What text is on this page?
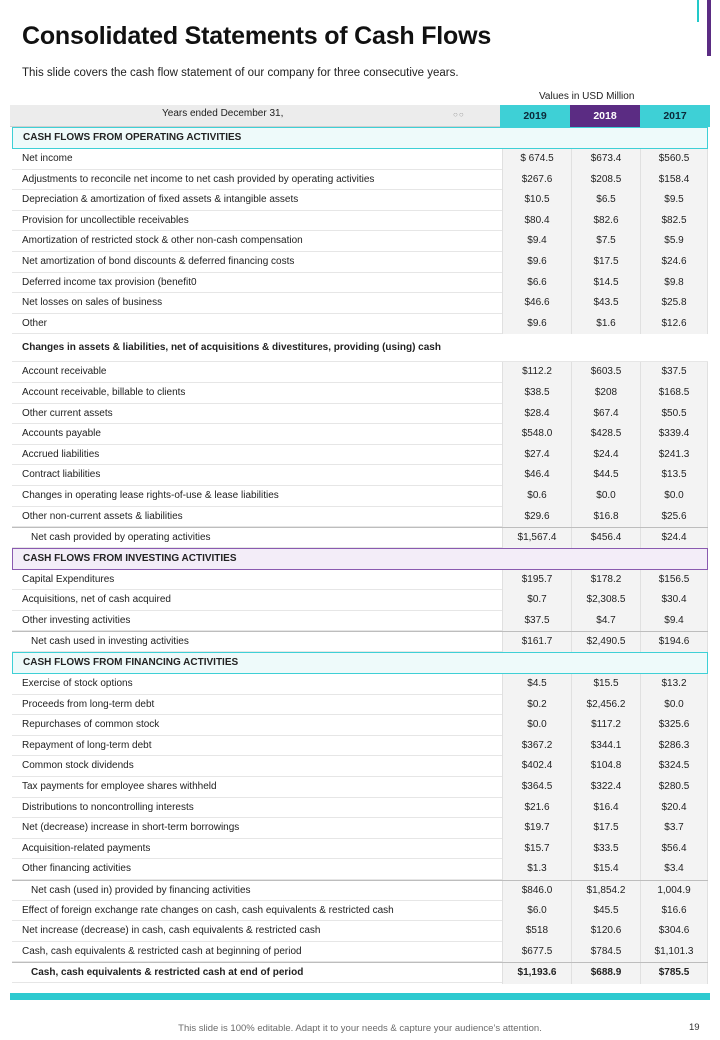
Consolidated Statements of Cash Flows

This slide covers the cash flow statement of our company for three consecutive years.

Values in USD Million
Years ended December 31,	○○	2019	2018	2017
CASH FLOWS FROM OPERATING ACTIVITIES
Net income	$ 674.5	$673.4	$560.5
Adjustments to reconcile net income to net cash provided by operating activities	$267.6	$208.5	$158.4
Depreciation & amortization of fixed assets & intangible assets	$10.5	$6.5	$9.5
Provision for uncollectible receivables	$80.4	$82.6	$82.5
Amortization of restricted stock & other non-cash compensation	$9.4	$7.5	$5.9
Net amortization of bond discounts & deferred financing costs	$9.6	$17.5	$24.6
Deferred income tax provision (benefit0	$6.6	$14.5	$9.8
Net losses on sales of business	$46.6	$43.5	$25.8
Other	$9.6	$1.6	$12.6
Changes in assets & liabilities, net of acquisitions & divestitures, providing (using) cash
Account receivable	$112.2	$603.5	$37.5
Account receivable, billable to clients	$38.5	$208	$168.5
Other current assets	$28.4	$67.4	$50.5
Accounts payable	$548.0	$428.5	$339.4
Accrued liabilities	$27.4	$24.4	$241.3
Contract liabilities	$46.4	$44.5	$13.5
Changes in operating lease rights-of-use & lease liabilities	$0.6	$0.0	$0.0
Other non-current assets & liabilities	$29.6	$16.8	$25.6
Net cash provided by operating activities	$1,567.4	$456.4	$24.4
CASH FLOWS FROM INVESTING ACTIVITIES
Capital Expenditures	$195.7	$178.2	$156.5
Acquisitions, net of cash acquired	$0.7	$2,308.5	$30.4
Other investing activities	$37.5	$4.7	$9.4
Net cash used in investing activities	$161.7	$2,490.5	$194.6
CASH FLOWS FROM FINANCING ACTIVITIES
Exercise of stock options	$4.5	$15.5	$13.2
Proceeds from long-term debt	$0.2	$2,456.2	$0.0
Repurchases of common stock	$0.0	$117.2	$325.6
Repayment of long-term debt	$367.2	$344.1	$286.3
Common stock dividends	$402.4	$104.8	$324.5
Tax payments for employee shares withheld	$364.5	$322.4	$280.5
Distributions to noncontrolling interests	$21.6	$16.4	$20.4
Net (decrease) increase in short-term borrowings	$19.7	$17.5	$3.7
Acquisition-related payments	$15.7	$33.5	$56.4
Other financing activities	$1.3	$15.4	$3.4
Net cash (used in) provided by financing activities	$846.0	$1,854.2	1,004.9
Effect of foreign exchange rate changes on cash, cash equivalents & restricted cash	$6.0	$45.5	$16.6
Net increase (decrease) in cash, cash equivalents & restricted cash	$518	$120.6	$304.6
Cash, cash equivalents & restricted cash at beginning of period	$677.5	$784.5	$1,101.3
Cash, cash equivalents & restricted cash at end of period	$1,193.6	$688.9	$785.5
This slide is 100% editable. Adapt it to your needs & capture your audience’s attention.	19
